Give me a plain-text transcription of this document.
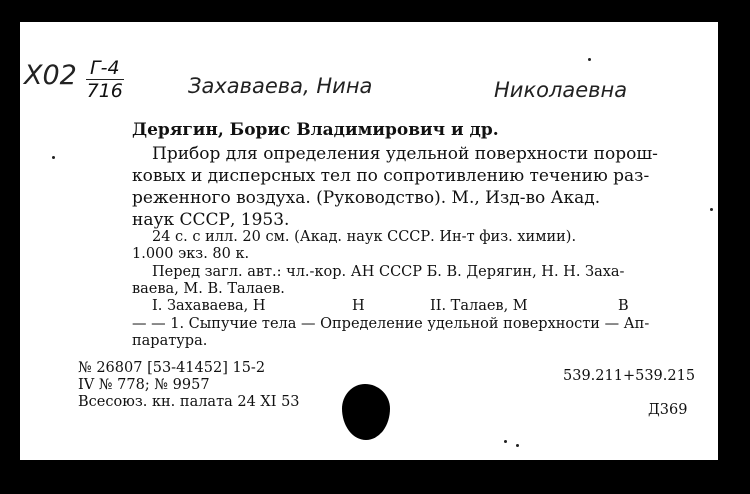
Х02 Г-4
716	Захаваева, Нина	Николаевна
Дерягин, Борис Владимирович и др.
Прибор для определения удельной поверхности порош-
ковых и дисперсных тел по сопротивлению течению раз-
реженного воздуха. (Руководство). М., Изд-во Акад.
наук СССР, 1953.
24 с. с илл. 20 см. (Акад. наук СССР. Ин-т физ. химии).
1.000 экз. 80 к.
Перед загл. авт.: чл.-кор. АН СССР Б. В. Дерягин, Н. Н. Заха-
ваева, М. В. Талаев.
I. Захаваева, Н	Н	II. Талаев, М	В
— — 1. Сыпучие тела — Определение удельной поверхности — Ап-
паратура.
№ 26807 [53-41452] 15-2
IV № 778; № 9957
Всесоюз. кн. палата 24 XI 53
539.211+539.215
Д369
